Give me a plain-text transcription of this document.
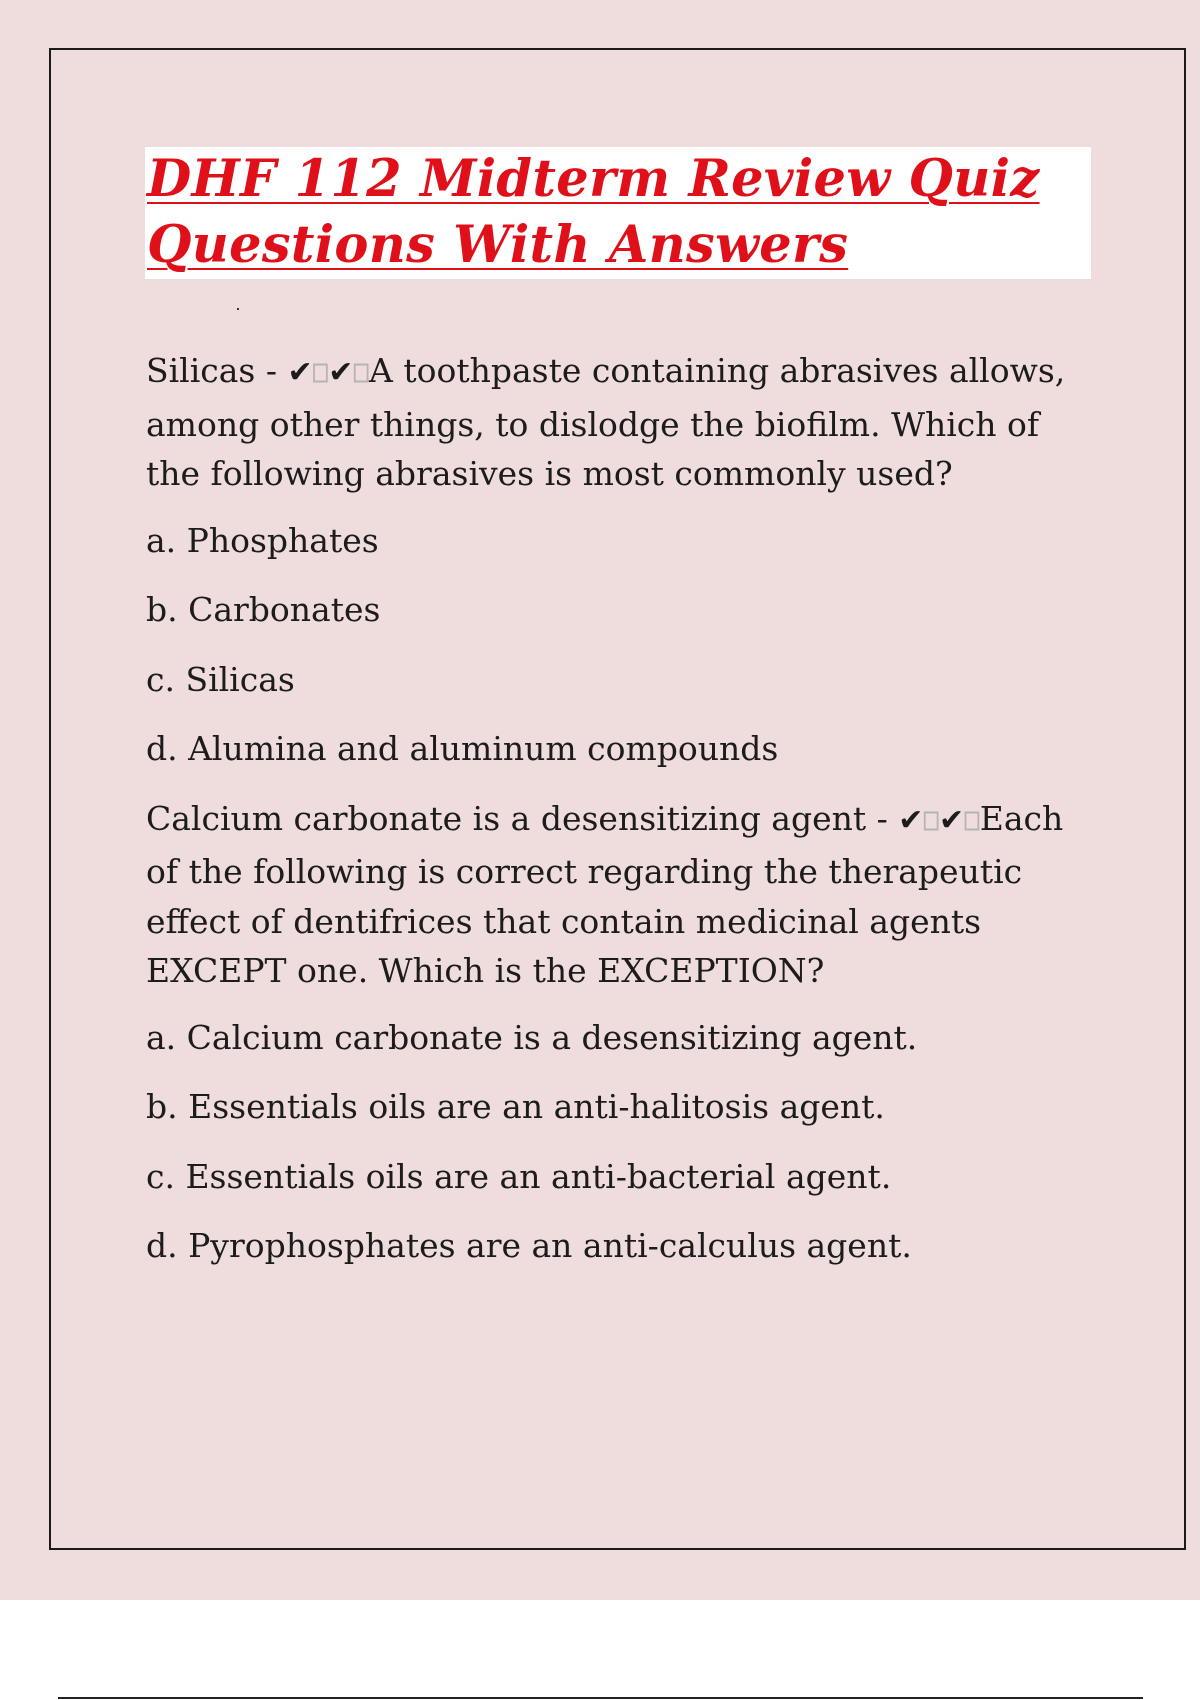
DHF 112 Midterm Review Quiz Questions With Answers

Silicas - ✔⎕✔⎕A toothpaste containing abrasives allows, among other things, to dislodge the biofilm. Which of the following abrasives is most commonly used?

a. Phosphates

b. Carbonates

c. Silicas

d. Alumina and aluminum compounds

Calcium carbonate is a desensitizing agent - ✔⎕✔⎕Each of the following is correct regarding the therapeutic effect of dentifrices that contain medicinal agents EXCEPT one. Which is the EXCEPTION?

a. Calcium carbonate is a desensitizing agent.

b. Essentials oils are an anti-halitosis agent.

c. Essentials oils are an anti-bacterial agent.

d. Pyrophosphates are an anti-calculus agent.
